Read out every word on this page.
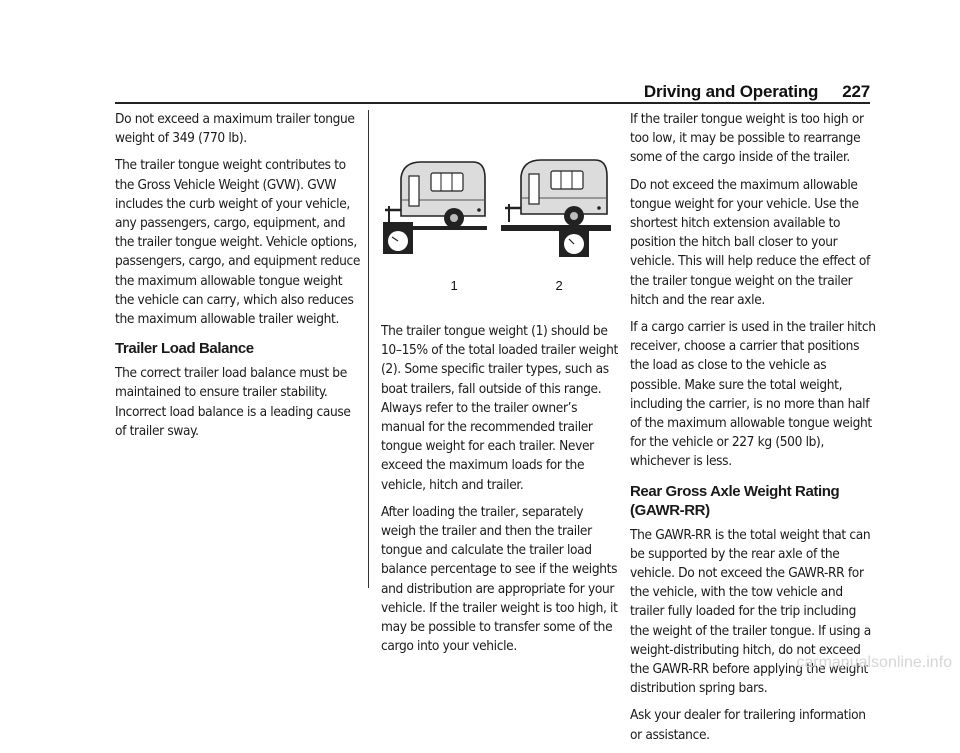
Driving and Operating 227

Do not exceed a maximum trailer tongue weight of 349 (770 lb).

The trailer tongue weight contributes to the Gross Vehicle Weight (GVW). GVW includes the curb weight of your vehicle, any passengers, cargo, equipment, and the trailer tongue weight. Vehicle options, passengers, cargo, and equipment reduce the maximum allowable tongue weight the vehicle can carry, which also reduces the maximum allowable trailer weight.

Trailer Load Balance

The correct trailer load balance must be maintained to ensure trailer stability. Incorrect load balance is a leading cause of trailer sway.

1	2

The trailer tongue weight (1) should be 10–15% of the total loaded trailer weight (2). Some specific trailer types, such as boat trailers, fall outside of this range. Always refer to the trailer owner’s manual for the recommended trailer tongue weight for each trailer. Never exceed the maximum loads for the vehicle, hitch and trailer.

After loading the trailer, separately weigh the trailer and then the trailer tongue and calculate the trailer load balance percentage to see if the weights and distribution are appropriate for your vehicle. If the trailer weight is too high, it may be possible to transfer some of the cargo into your vehicle.

If the trailer tongue weight is too high or too low, it may be possible to rearrange some of the cargo inside of the trailer.

Do not exceed the maximum allowable tongue weight for your vehicle. Use the shortest hitch extension available to position the hitch ball closer to your vehicle. This will help reduce the effect of the trailer tongue weight on the trailer hitch and the rear axle.

If a cargo carrier is used in the trailer hitch receiver, choose a carrier that positions the load as close to the vehicle as possible. Make sure the total weight, including the carrier, is no more than half of the maximum allowable tongue weight for the vehicle or 227 kg (500 lb), whichever is less.

Rear Gross Axle Weight Rating (GAWR-RR)

The GAWR-RR is the total weight that can be supported by the rear axle of the vehicle. Do not exceed the GAWR-RR for the vehicle, with the tow vehicle and trailer fully loaded for the trip including the weight of the trailer tongue. If using a weight-distributing hitch, do not exceed the GAWR-RR before applying the weight distribution spring bars.

Ask your dealer for trailering information or assistance.

carmanualsonline.info
